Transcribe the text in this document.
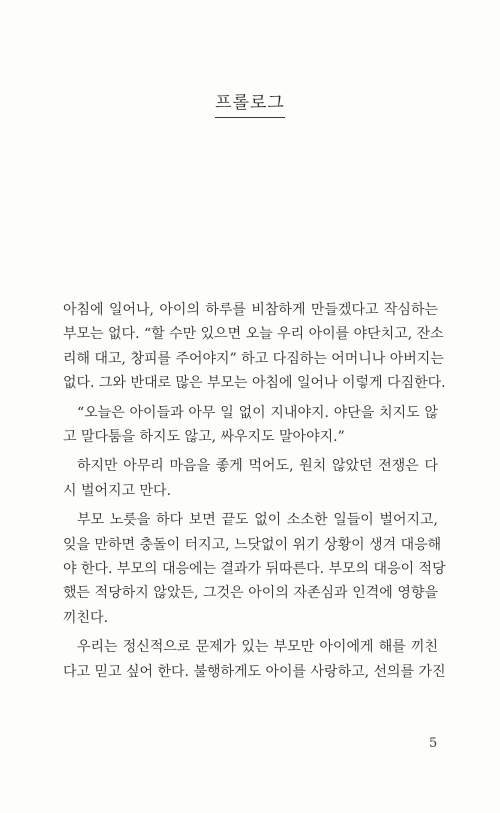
프롤로그
아침에 일어나, 아이의 하루를 비참하게 만들겠다고 작심하는
부모는 없다. “할 수만 있으면 오늘 우리 아이를 야단치고, 잔소
리해 대고, 창피를 주어야지” 하고 다짐하는 어머니나 아버지는
없다. 그와 반대로 많은 부모는 아침에 일어나 이렇게 다짐한다.
“오늘은 아이들과 아무 일 없이 지내야지. 야단을 치지도 않
고 말다툼을 하지도 않고, 싸우지도 말아야지.”
하지만 아무리 마음을 좋게 먹어도, 원치 않았던 전쟁은 다
시 벌어지고 만다.
부모 노릇을 하다 보면 끝도 없이 소소한 일들이 벌어지고,
잊을 만하면 충돌이 터지고, 느닷없이 위기 상황이 생겨 대응해
야 한다. 부모의 대응에는 결과가 뒤따른다. 부모의 대응이 적당
했든 적당하지 않았든, 그것은 아이의 자존심과 인격에 영향을
끼친다.
우리는 정신적으로 문제가 있는 부모만 아이에게 해를 끼친
다고 믿고 싶어 한다. 불행하게도 아이를 사랑하고, 선의를 가진
5
